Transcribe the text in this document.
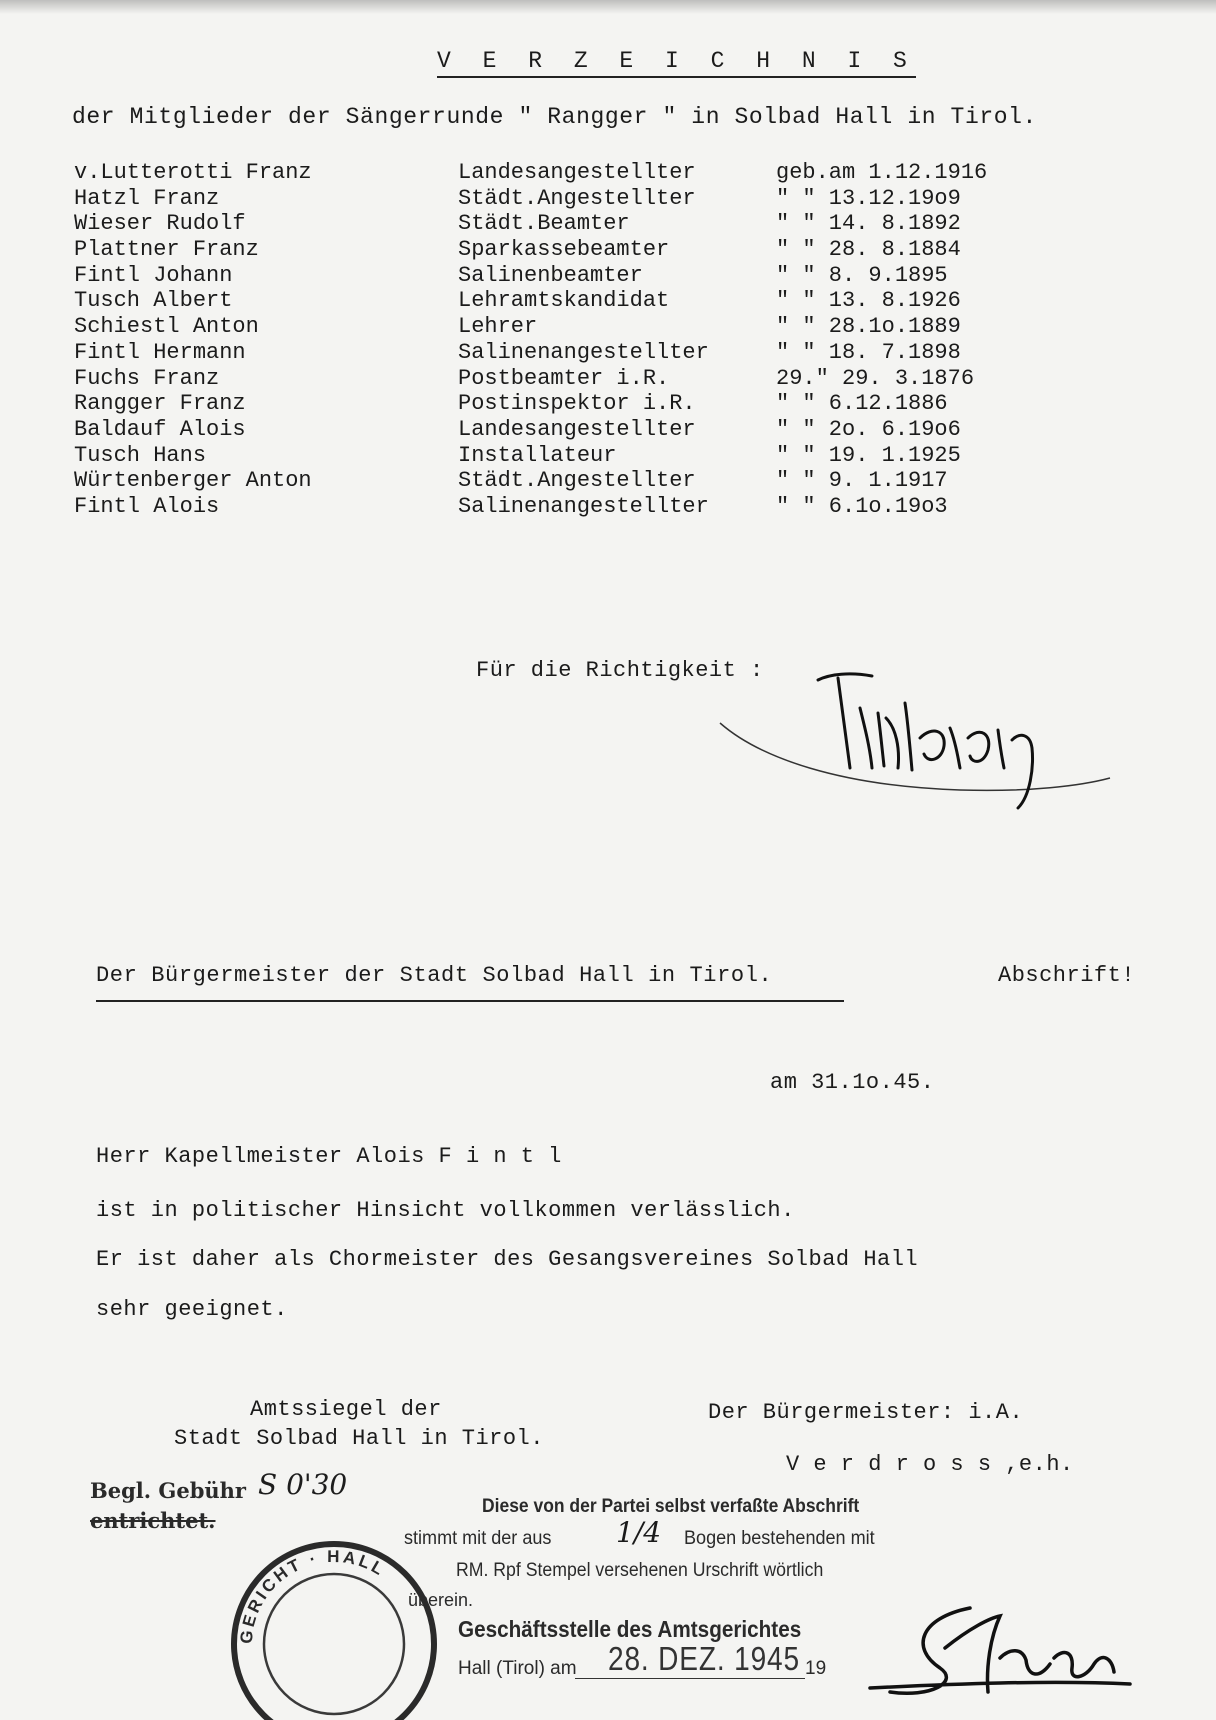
V E R Z E I C H N I S
der Mitglieder der Sängerrunde " Rangger " in Solbad Hall in Tirol.
v.Lutterotti Franz	Landesangestellter	geb.am 1.12.1916
Hatzl Franz	Städt.Angestellter	" " 13.12.19o9
Wieser Rudolf	Städt.Beamter	" " 14. 8.1892
Plattner Franz	Sparkassebeamter	" " 28. 8.1884
Fintl Johann	Salinenbeamter	" " 8. 9.1895
Tusch Albert	Lehramtskandidat	" " 13. 8.1926
Schiestl Anton	Lehrer	" " 28.1o.1889
Fintl Hermann	Salinenangestellter	" " 18. 7.1898
Fuchs Franz	Postbeamter i.R.	29." 29. 3.1876
Rangger Franz	Postinspektor i.R.	" " 6.12.1886
Baldauf Alois	Landesangestellter	" " 2o. 6.19o6
Tusch Hans	Installateur	" " 19. 1.1925
Würtenberger Anton	Städt.Angestellter	" " 9. 1.1917
Fintl Alois	Salinenangestellter	" " 6.1o.19o3
Für die Richtigkeit :
Der Bürgermeister der Stadt Solbad Hall in Tirol.	Abschrift!
am 31.1o.45.
Herr Kapellmeister Alois F i n t l
ist in politischer Hinsicht vollkommen verlässlich.
Er ist daher als Chormeister des Gesangsvereines Solbad Hall
sehr geeignet.
Amtssiegel der
Stadt Solbad Hall in Tirol.
Der Bürgermeister: i.A.
V e r d r o s s ,e.h.
Begl. Gebühr S 0'30
entrichtet.
GERICHT · HALL
Diese von der Partei selbst verfaßte Abschrift
stimmt mit der aus 1/4 Bogen bestehenden mit
RM. Rpf Stempel versehenen Urschrift wörtlich
überein.
Geschäftsstelle des Amtsgerichtes
Hall (Tirol) am 28. DEZ. 1945 19
